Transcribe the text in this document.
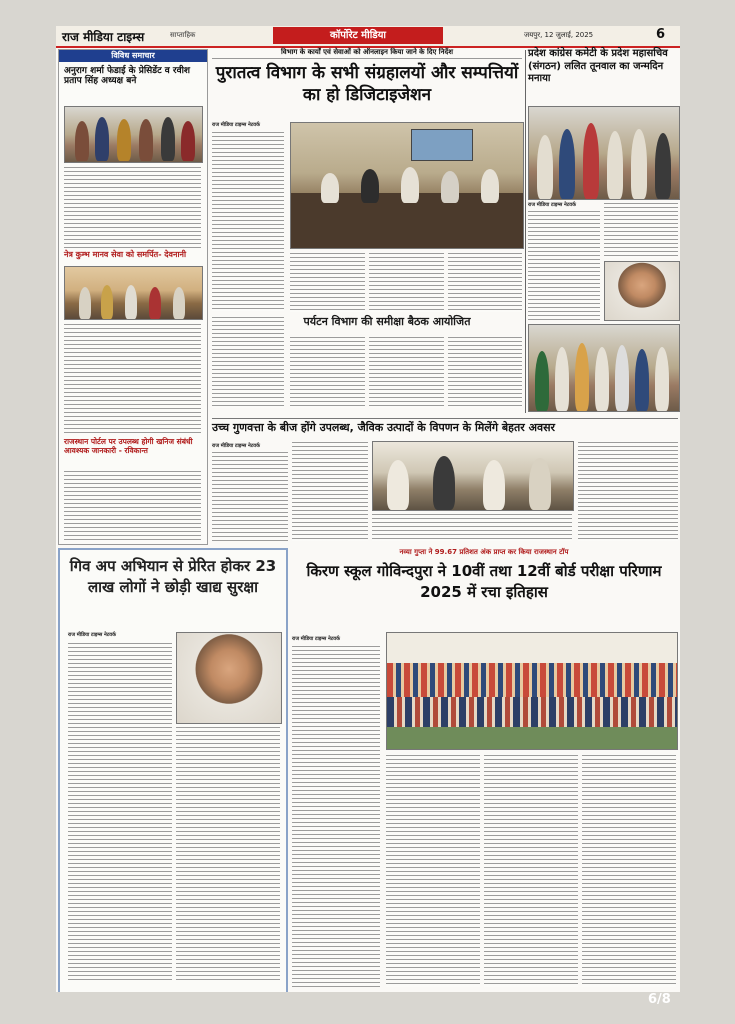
राज मीडिया टाइम्स	साप्ताहिक	कॉर्पोरेट मीडिया	जयपुर, 12 जुलाई, 2025	6
विविध समाचार
अनुराग शर्मा फेडाई के प्रेसिडेंट व रवीश प्रताप सिंह अध्यक्ष बने
नेत्र कुम्भ मानव सेवा को समर्पित- देवनानी
राजस्थान पोर्टल पर उपलब्ध होगी खनिज संबंधी आवश्यक जानकारी - रविकान्त
विभाग के कार्यों एवं सेवाओं को ऑनलाइन किया जाने के दिए निर्देश
पुरातत्व विभाग के सभी संग्रहालयों और सम्पत्तियों का हो डिजिटाइजेशन
राज मीडिया टाइम्स नेटवर्क
पर्यटन विभाग की समीक्षा बैठक आयोजित
प्रदेश कांग्रेस कमेटी के प्रदेश महासचिव (संगठन) ललित तूनवाल का जन्मदिन मनाया
राज मीडिया टाइम्स नेटवर्क
उच्च गुणवत्ता के बीज होंगे उपलब्ध, जैविक उत्पादों के विपणन के मिलेंगे बेहतर अवसर
राज मीडिया टाइम्स नेटवर्क
गिव अप अभियान से प्रेरित होकर 23 लाख लोगों ने छोड़ी खाद्य सुरक्षा
राज मीडिया टाइम्स नेटवर्क
नव्या गुप्ता ने 99.67 प्रतिशत अंक प्राप्त कर किया राजस्थान टॉप
किरण स्कूल गोविन्दपुरा ने 10वीं तथा 12वीं बोर्ड परीक्षा परिणाम 2025 में रचा इतिहास
राज मीडिया टाइम्स नेटवर्क
6/8
